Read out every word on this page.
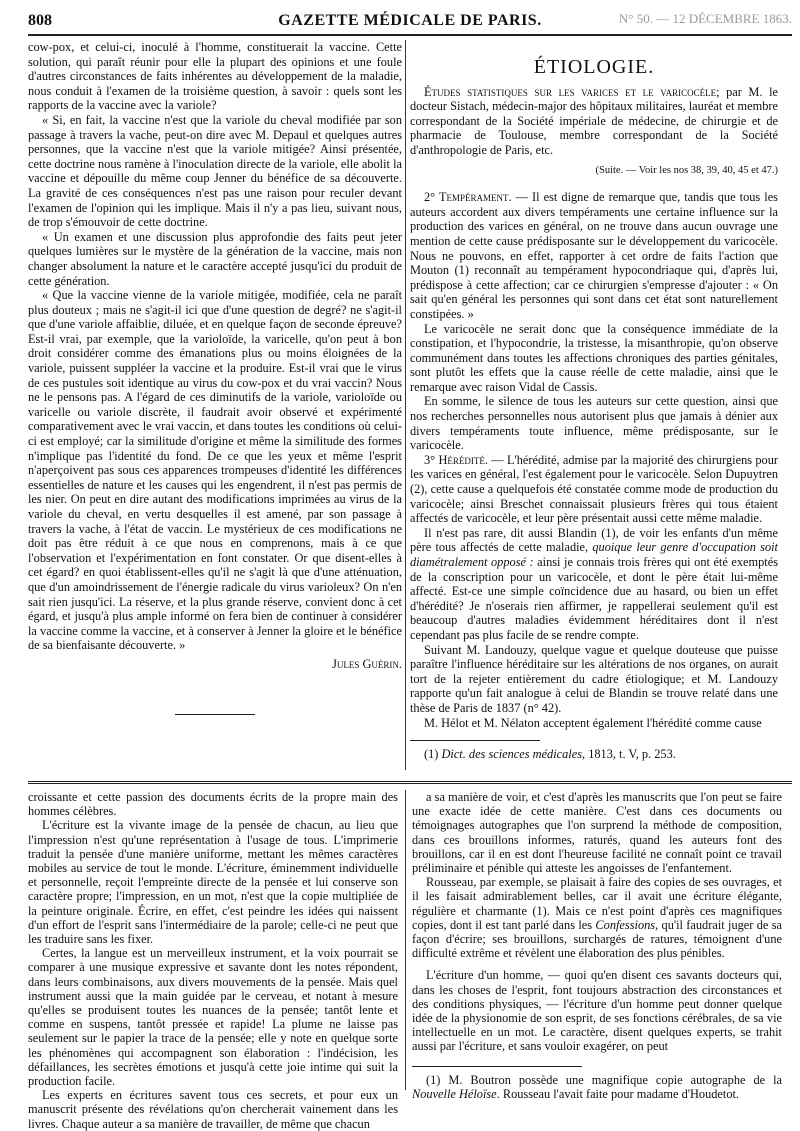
808	GAZETTE MÉDICALE DE PARIS.	N° 50. — 12 DÉCEMBRE 1863.

cow-pox, et celui-ci, inoculé à l'homme, constituerait la vaccine. Cette solution, qui paraît réunir pour elle la plupart des opinions et une foule d'autres circonstances de faits inhérentes au développement de la maladie, nous conduit à l'examen de la troisième question, à savoir : quels sont les rapports de la vaccine avec la variole?

« Si, en fait, la vaccine n'est que la variole du cheval modifiée par son passage à travers la vache, peut-on dire avec M. Depaul et quelques autres personnes, que la vaccine n'est que la variole mitigée? Ainsi présentée, cette doctrine nous ramène à l'inoculation directe de la variole, elle abolit la vaccine et dépouille du même coup Jenner du bénéfice de sa découverte. La gravité de ces conséquences n'est pas une raison pour reculer devant l'examen de l'opinion qui les implique. Mais il n'y a pas lieu, suivant nous, de trop s'émouvoir de cette doctrine.

« Un examen et une discussion plus approfondie des faits peut jeter quelques lumières sur le mystère de la génération de la vaccine, mais non changer absolument la nature et le caractère accepté jusqu'ici du produit de cette génération.

« Que la vaccine vienne de la variole mitigée, modifiée, cela ne paraît plus douteux ; mais ne s'agit-il ici que d'une question de degré? ne s'agit-il que d'une variole affaiblie, diluée, et en quelque façon de seconde épreuve? Est-il vrai, par exemple, que la varioloïde, la varicelle, qu'on peut à bon droit considérer comme des émanations plus ou moins éloignées de la variole, puissent suppléer la vaccine et la produire. Est-il vrai que le virus de ces pustules soit identique au virus du cow-pox et du vrai vaccin? Nous ne le pensons pas. A l'égard de ces diminutifs de la variole, varioloïde ou varicelle ou variole discrète, il faudrait avoir observé et expérimenté comparativement avec le vrai vaccin, et dans toutes les conditions où celui-ci est employé; car la similitude d'origine et même la similitude des formes n'implique pas l'identité du fond. De ce que les yeux et même l'esprit n'aperçoivent pas sous ces apparences trompeuses d'identité les différences essentielles de nature et les causes qui les engendrent, il n'est pas permis de les nier. On peut en dire autant des modifications imprimées au virus de la variole du cheval, en vertu desquelles il est amené, par son passage à travers la vache, à l'état de vaccin. Le mystérieux de ces modifications ne doit pas être réduit à ce que nous en comprenons, mais à ce que l'observation et l'expérimentation en font constater. Or que disent-elles à cet égard? en quoi établissent-elles qu'il ne s'agit là que d'une atténuation, que d'un amoindrissement de l'énergie radicale du virus varioleux? On n'en sait rien jusqu'ici. La réserve, et la plus grande réserve, convient donc à cet égard, et jusqu'à plus ample informé on fera bien de continuer à considérer la vaccine comme la vaccine, et à conserver à Jenner la gloire et le bénéfice de sa bienfaisante découverte. »

Jules Guérin.
ÉTIOLOGIE.

Études statistiques sur les varices et le varicocèle; par M. le docteur Sistach, médecin-major des hôpitaux militaires, lauréat et membre correspondant de la Société impériale de médecine, de chirurgie et de pharmacie de Toulouse, membre correspondant de la Société d'anthropologie de Paris, etc.

(Suite. — Voir les nos 38, 39, 40, 45 et 47.)

2° Tempérament. — Il est digne de remarque que, tandis que tous les auteurs accordent aux divers tempéraments une certaine influence sur la production des varices en général, on ne trouve dans aucun ouvrage une mention de cette cause prédisposante sur le développement du varicocèle. Nous ne pouvons, en effet, rapporter à cet ordre de faits l'action que Mouton (1) reconnaît au tempérament hypocondriaque qui, d'après lui, prédispose à cette affection; car ce chirurgien s'empresse d'ajouter : « On sait qu'en général les personnes qui sont dans cet état sont naturellement constipées. »

Le varicocèle ne serait donc que la conséquence immédiate de la constipation, et l'hypocondrie, la tristesse, la misanthropie, qu'on observe communément dans toutes les affections chroniques des parties génitales, sont plutôt les effets que la cause réelle de cette maladie, ainsi que le remarque avec raison Vidal de Cassis.

En somme, le silence de tous les auteurs sur cette question, ainsi que nos recherches personnelles nous autorisent plus que jamais à dénier aux divers tempéraments toute influence, même prédisposante, sur le varicocèle.

3° Hérédité. — L'hérédité, admise par la majorité des chirurgiens pour les varices en général, l'est également pour le varicocèle. Selon Dupuytren (2), cette cause a quelquefois été constatée comme mode de production du varicocèle; ainsi Breschet connaissait plusieurs frères qui tous étaient affectés de varicocèle, et leur père présentait aussi cette même maladie.

Il n'est pas rare, dit aussi Blandin (1), de voir les enfants d'un même père tous affectés de cette maladie, quoique leur genre d'occupation soit diamétralement opposé : ainsi je connais trois frères qui ont été exemptés de la conscription pour un varicocèle, et dont le père était lui-même affecté. Est-ce une simple coïncidence due au hasard, ou bien un effet d'hérédité? Je n'oserais rien affirmer, je rappellerai seulement qu'il est beaucoup d'autres maladies évidemment héréditaires dont il n'est cependant pas plus facile de se rendre compte.

Suivant M. Landouzy, quelque vague et quelque douteuse que puisse paraître l'influence héréditaire sur les altérations de nos organes, on aurait tort de la rejeter entièrement du cadre étiologique; et M. Landouzy rapporte qu'un fait analogue à celui de Blandin se trouve relaté dans une thèse de Paris de 1837 (n° 42).

M. Hélot et M. Nélaton acceptent également l'hérédité comme cause

(1) Dict. des sciences médicales, 1813, t. V, p. 253.

croissante et cette passion des documents écrits de la propre main des hommes célèbres.

L'écriture est la vivante image de la pensée de chacun, au lieu que l'impression n'est qu'une représentation à l'usage de tous. L'imprimerie traduit la pensée d'une manière uniforme, mettant les mêmes caractères mobiles au service de tout le monde. L'écriture, éminemment individuelle et personnelle, reçoit l'empreinte directe de la pensée et lui conserve son caractère propre; l'impression, en un mot, n'est que la copie multipliée de la peinture originale. Écrire, en effet, c'est peindre les idées qui naissent d'un effort de l'esprit sans l'intermédiaire de la parole; celle-ci ne peut que les traduire sans les fixer.

Certes, la langue est un merveilleux instrument, et la voix pourrait se comparer à une musique expressive et savante dont les notes répondent, dans leurs combinaisons, aux divers mouvements de la pensée. Mais quel instrument aussi que la main guidée par le cerveau, et notant à mesure qu'elles se produisent toutes les nuances de la pensée; tantôt lente et comme en suspens, tantôt pressée et rapide! La plume ne laisse pas seulement sur le papier la trace de la pensée; elle y note en quelque sorte les phénomènes qui accompagnent son élaboration : l'indécision, les défaillances, les secrètes émotions et jusqu'à cette joie intime qui suit la production facile.

Les experts en écritures savent tous ces secrets, et pour eux un manuscrit présente des révélations qu'on chercherait vainement dans les livres. Chaque auteur a sa manière de travailler, de même que chacun

a sa manière de voir, et c'est d'après les manuscrits que l'on peut se faire une exacte idée de cette manière. C'est dans ces documents ou témoignages autographes que l'on surprend la méthode de composition, dans ces brouillons informes, raturés, quand les auteurs font des brouillons, car il en est dont l'heureuse facilité ne connaît point ce travail préliminaire et pénible qui atteste les angoisses de l'enfantement.

Rousseau, par exemple, se plaisait à faire des copies de ses ouvrages, et il les faisait admirablement belles, car il avait une écriture élégante, régulière et charmante (1). Mais ce n'est point d'après ces magnifiques copies, dont il est tant parlé dans les Confessions, qu'il faudrait juger de sa façon d'écrire; ses brouillons, surchargés de ratures, témoignent d'une difficulté extrême et révèlent une élaboration des plus pénibles.

L'écriture d'un homme, — quoi qu'en disent ces savants docteurs qui, dans les choses de l'esprit, font toujours abstraction des circonstances et des conditions physiques, — l'écriture d'un homme peut donner quelque idée de la physionomie de son esprit, de ses fonctions cérébrales, de sa vie intellectuelle en un mot. Le caractère, disent quelques experts, se trahit aussi par l'écriture, et sans vouloir exagérer, on peut

(1) M. Boutron possède une magnifique copie autographe de la Nouvelle Héloïse. Rousseau l'avait faite pour madame d'Houdetot.
